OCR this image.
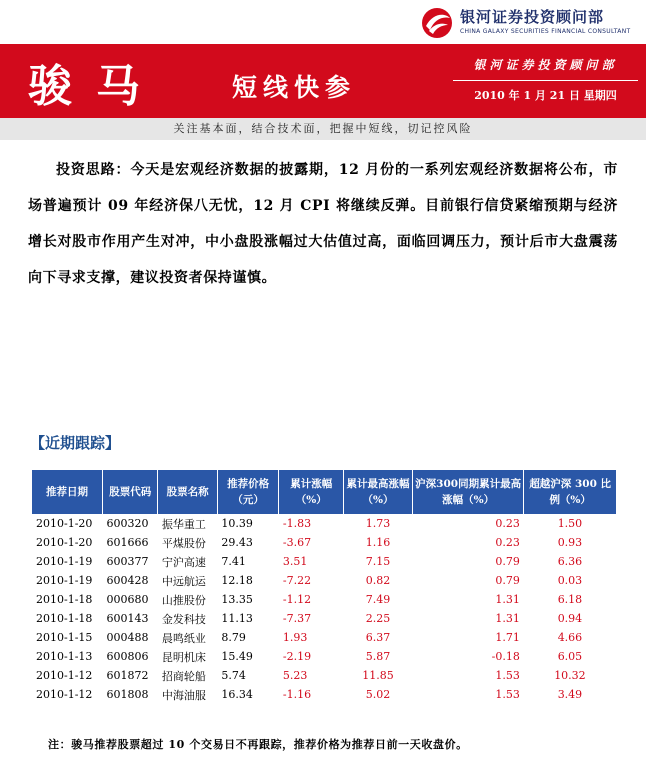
银河证券投资顾问部
CHINA GALAXY SECURITIES FINANCIAL CONSULTANT
骏马	短线快参
银河证券投资顾问部
2010 年 1 月 21 日 星期四
关注基本面，结合技术面，把握中短线，切记控风险
投资思路：今天是宏观经济数据的披露期，12 月份的一系列宏观经济数据将公布，市场普遍预计 09 年经济保八无忧，12 月 CPI 将继续反弹。目前银行信贷紧缩预期与经济增长对股市作用产生对冲，中小盘股涨幅过大估值过高，面临回调压力，预计后市大盘震荡向下寻求支撑，建议投资者保持谨慎。
【近期跟踪】
推荐日期	股票代码	股票名称	推荐价格（元）	累计涨幅（%）	累计最高涨幅（%）	沪深300同期累计最高涨幅（%）	超越沪深 300 比例（%）
2010-1-20	600320	振华重工	10.39	-1.83	1.73	0.23	1.50
2010-1-20	601666	平煤股份	29.43	-3.67	1.16	0.23	0.93
2010-1-19	600377	宁沪高速	7.41	3.51	7.15	0.79	6.36
2010-1-19	600428	中远航运	12.18	-7.22	0.82	0.79	0.03
2010-1-18	000680	山推股份	13.35	-1.12	7.49	1.31	6.18
2010-1-18	600143	金发科技	11.13	-7.37	2.25	1.31	0.94
2010-1-15	000488	晨鸣纸业	8.79	1.93	6.37	1.71	4.66
2010-1-13	600806	昆明机床	15.49	-2.19	5.87	-0.18	6.05
2010-1-12	601872	招商轮船	5.74	5.23	11.85	1.53	10.32
2010-1-12	601808	中海油服	16.34	-1.16	5.02	1.53	3.49
注：骏马推荐股票超过 10 个交易日不再跟踪，推荐价格为推荐日前一天收盘价。
